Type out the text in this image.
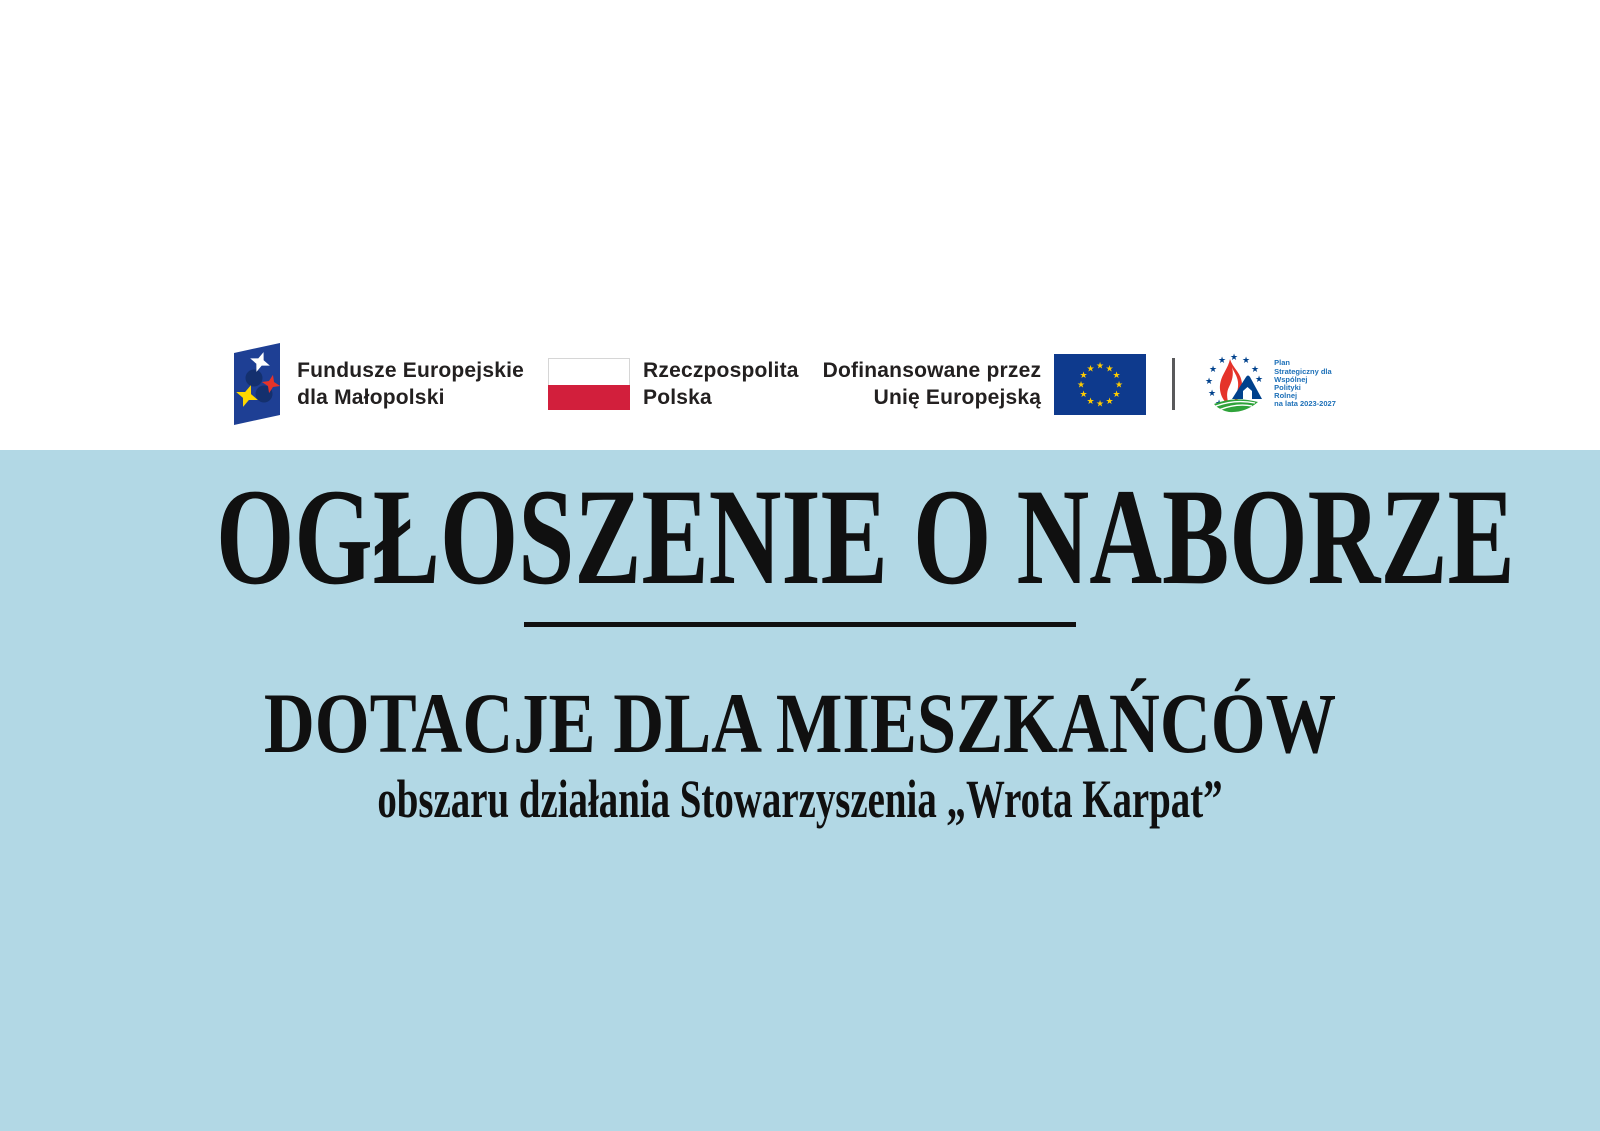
Fundusze Europejskie
dla Małopolski
Rzeczpospolita
Polska
Dofinansowane przez
Unię Europejską
★ ★
★
★
★
★
★
★
★
★
★
★
★ ★
★
★	★
★	★
★
Plan
Strategiczny dla
Wspólnej
Polityki
Rolnej
na lata 2023-2027
OGŁOSZENIE O NABORZE
DOTACJE DLA MIESZKAŃCÓW

obszaru działania Stowarzyszenia „Wrota Karpat”
